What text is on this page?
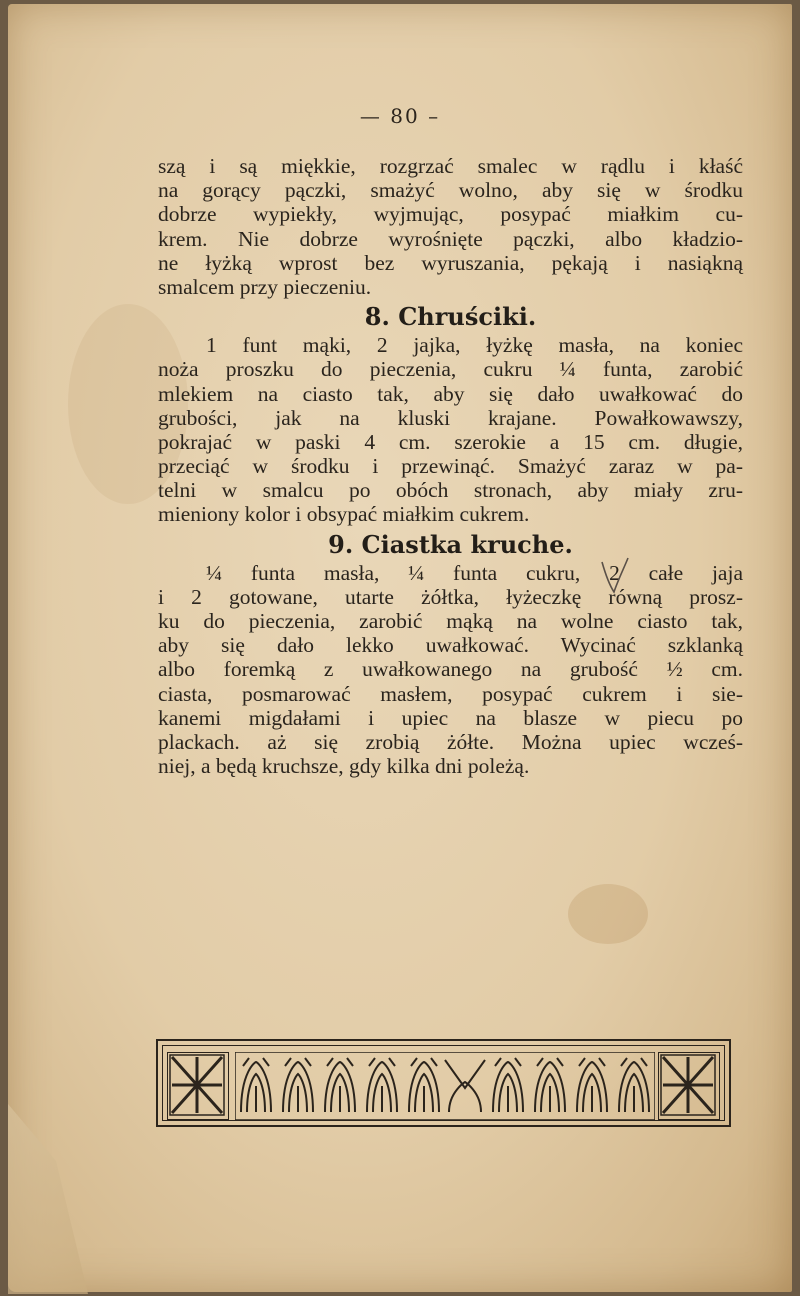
— 80 –
szą i są miękkie, rozgrzać smalec w rądlu i kłaść
na gorący pączki, smażyć wolno, aby się w środku
dobrze wypiekły, wyjmując, posypać miałkim cu-
krem. Nie dobrze wyrośnięte pączki, albo kładzio-
ne łyżką wprost bez wyruszania, pękają i nasiąkną
smalcem przy pieczeniu.
8. Chruściki.
1 funt mąki, 2 jajka, łyżkę masła, na koniec
noża proszku do pieczenia, cukru ¼ funta, zarobić
mlekiem na ciasto tak, aby się dało uwałkować do
grubości, jak na kluski krajane. Powałkowawszy,
pokrajać w paski 4 cm. szerokie a 15 cm. długie,
przeciąć w środku i przewinąć. Smażyć zaraz w pa-
telni w smalcu po obóch stronach, aby miały zru-
mieniony kolor i obsypać miałkim cukrem.
9. Ciastka kruche.
¼ funta masła, ¼ funta cukru, 2 całe jaja
i 2 gotowane, utarte żółtka, łyżeczkę równą prosz-
ku do pieczenia, zarobić mąką na wolne ciasto tak,
aby się dało lekko uwałkować. Wycinać szklanką
albo foremką z uwałkowanego na grubość ½ cm.
ciasta, posmarować masłem, posypać cukrem i sie-
kanemi migdałami i upiec na blasze w piecu po
plackach. aż się zrobią żółte. Można upiec wcześ-
niej, a będą kruchsze, gdy kilka dni poleżą.
